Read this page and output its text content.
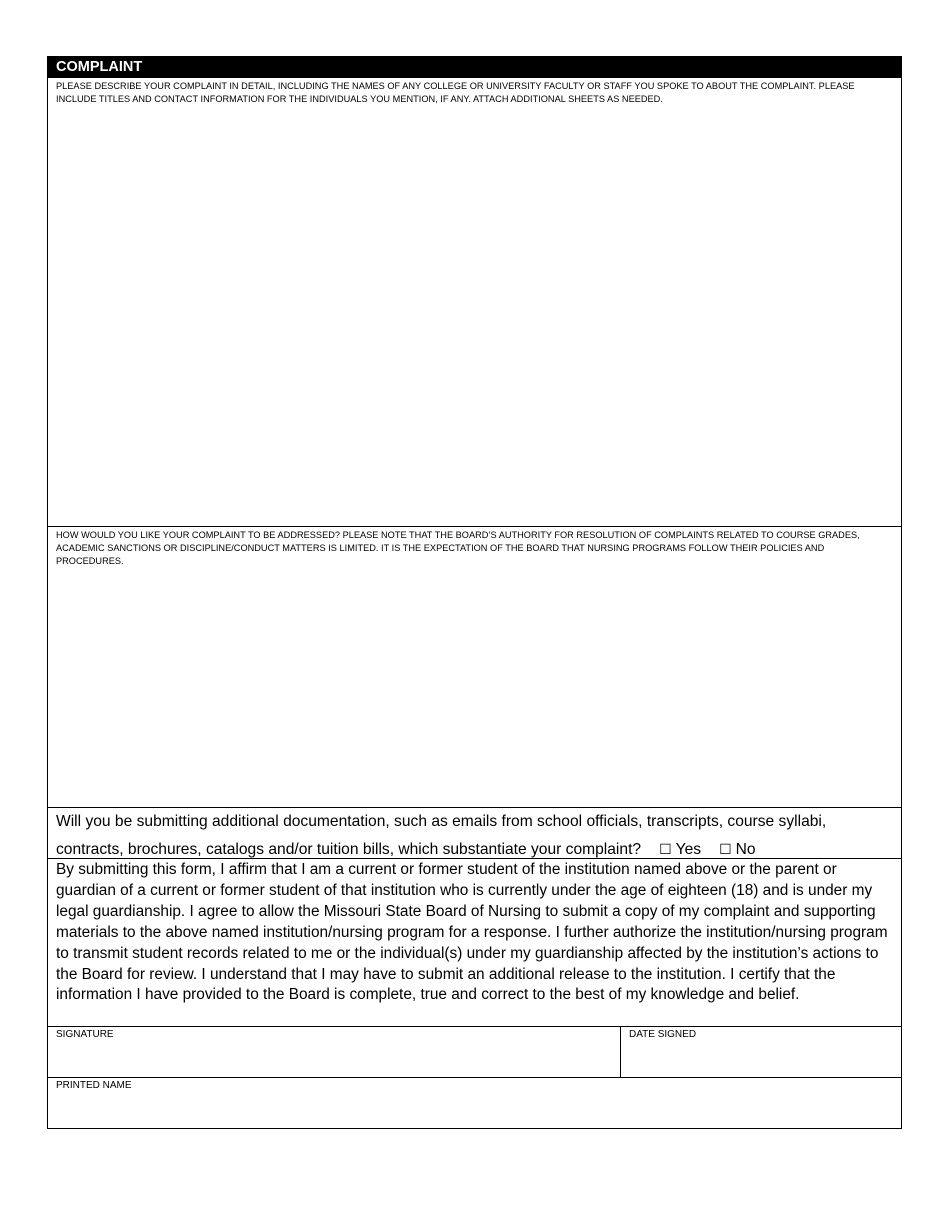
COMPLAINT
PLEASE DESCRIBE YOUR COMPLAINT IN DETAIL, INCLUDING THE NAMES OF ANY COLLEGE OR UNIVERSITY FACULTY OR STAFF YOU SPOKE TO ABOUT THE COMPLAINT. PLEASE INCLUDE TITLES AND CONTACT INFORMATION FOR THE INDIVIDUALS YOU MENTION, IF ANY. ATTACH ADDITIONAL SHEETS AS NEEDED.
HOW WOULD YOU LIKE YOUR COMPLAINT TO BE ADDRESSED? PLEASE NOTE THAT THE BOARD’S AUTHORITY FOR RESOLUTION OF COMPLAINTS RELATED TO COURSE GRADES, ACADEMIC SANCTIONS OR DISCIPLINE/CONDUCT MATTERS IS LIMITED. IT IS THE EXPECTATION OF THE BOARD THAT NURSING PROGRAMS FOLLOW THEIR POLICIES AND PROCEDURES.
Will you be submitting additional documentation, such as emails from school officials, transcripts, course syllabi,
contracts, brochures, catalogs and/or tuition bills, which substantiate your complaint? ☐ Yes ☐ No
By submitting this form, I affirm that I am a current or former student of the institution named above or the parent or guardian of a current or former student of that institution who is currently under the age of eighteen (18) and is under my legal guardianship. I agree to allow the Missouri State Board of Nursing to submit a copy of my complaint and supporting materials to the above named institution/nursing program for a response. I further authorize the institution/nursing program to transmit student records related to me or the individual(s) under my guardianship affected by the institution’s actions to the Board for review. I understand that I may have to submit an additional release to the institution. I certify that the information I have provided to the Board is complete, true and correct to the best of my knowledge and belief.
SIGNATURE	DATE SIGNED
PRINTED NAME
